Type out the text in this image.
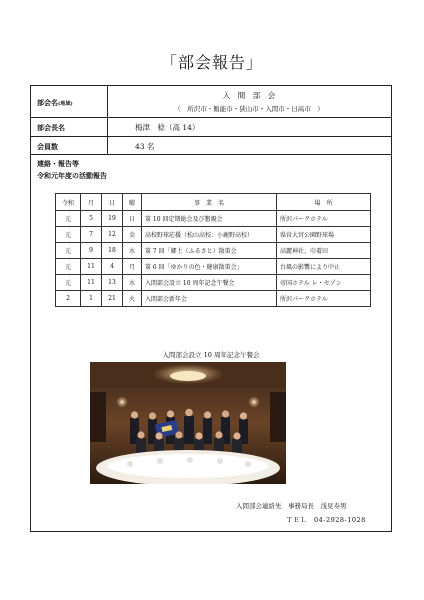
「部会報告」
部会名(地域)
入　間　部　会
（　所沢市・飯能市・狭山市・入間市・日高市　）
部会長名	梅津　稔（高 14）
会員数	43 名
連絡・報告等
令和元年度の活動報告
令和	月	日	曜	事　業　名	場　所
元	5	19	日	第 10 回定期総会及び懇親会	所沢パークホテル
元	7	12	金	高校野球応援（松山高校：小鹿野高校）	県営大宮公園野球場
元	9	18	水	第 7 回「郷土（ふるさと）散策会	高麗神社、巾着田
元	11	4	月	第 6 回「ゆかりの色・健康散策会」	台風の影響により中止
元	11	13	水	入間部会設立 10 周年記念午餐会	帝国ホテル レ・セゾン
2	1	21	火	入間部会新年会	所沢パークホテル
入間部会設立 10 周年記念午餐会
入間部会連絡先　事務局長　浅見寿男
ＴＥＬ　04-2928-1028
